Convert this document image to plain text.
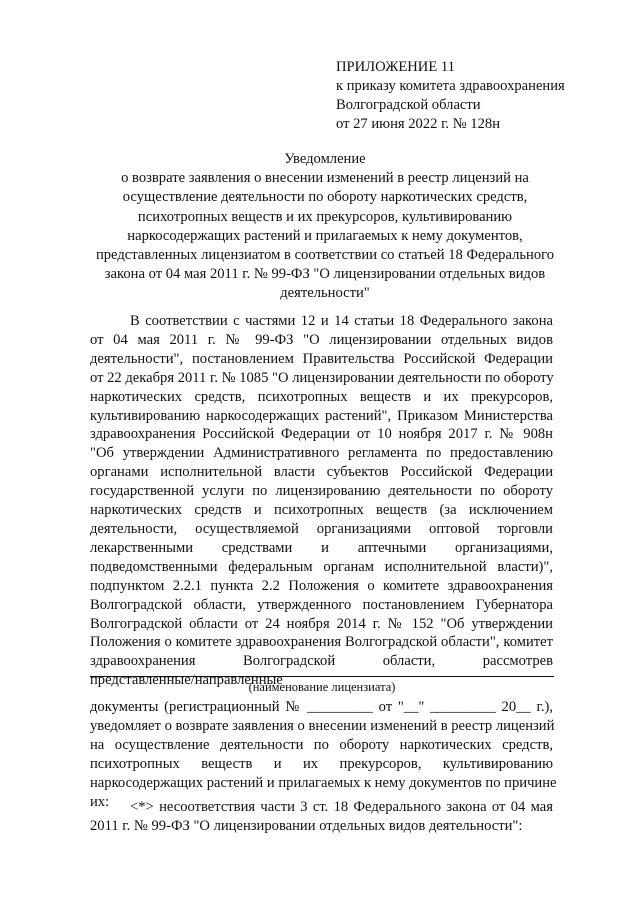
ПРИЛОЖЕНИЕ 11
к приказу комитета здравоохранения
Волгоградской области
от 27 июня 2022 г. № 128н
Уведомление
о возврате заявления о внесении изменений в реестр лицензий на
осуществление деятельности по обороту наркотических средств,
психотропных веществ и их прекурсоров, культивированию
наркосодержащих растений и прилагаемых к нему документов,
представленных лицензиатом в соответствии со статьей 18 Федерального
закона от 04 мая 2011 г. № 99-ФЗ "О лицензировании отдельных видов
деятельности"
В соответствии с частями 12 и 14 статьи 18 Федерального закона
от 04 мая 2011 г. № 99-ФЗ "О лицензировании отдельных видов
деятельности", постановлением Правительства Российской Федерации
от 22 декабря 2011 г. № 1085 "О лицензировании деятельности по обороту
наркотических средств, психотропных веществ и их прекурсоров,
культивированию наркосодержащих растений", Приказом Министерства
здравоохранения Российской Федерации от 10 ноября 2017 г. № 908н
"Об утверждении Административного регламента по предоставлению
органами исполнительной власти субъектов Российской Федерации
государственной услуги по лицензированию деятельности по обороту
наркотических средств и психотропных веществ (за исключением
деятельности, осуществляемой организациями оптовой торговли
лекарственными средствами и аптечными организациями,
подведомственными федеральным органам исполнительной власти)",
подпунктом 2.2.1 пункта 2.2 Положения о комитете здравоохранения
Волгоградской области, утвержденного постановлением Губернатора
Волгоградской области от 24 ноября 2014 г. № 152 "Об утверждении
Положения о комитете здравоохранения Волгоградской области", комитет
здравоохранения Волгоградской области, рассмотрев
представленные/направленные
(наименование лицензиата)
документы (регистрационный № _________ от "__" _________ 20__ г.),
уведомляет о возврате заявления о внесении изменений в реестр лицензий
на осуществление деятельности по обороту наркотических средств,
психотропных веществ и их прекурсоров, культивированию
наркосодержащих растений и прилагаемых к нему документов по причине
их:	<*> несоответствия части 3 ст. 18 Федерального закона от 04 мая
2011 г. № 99-ФЗ "О лицензировании отдельных видов деятельности":
